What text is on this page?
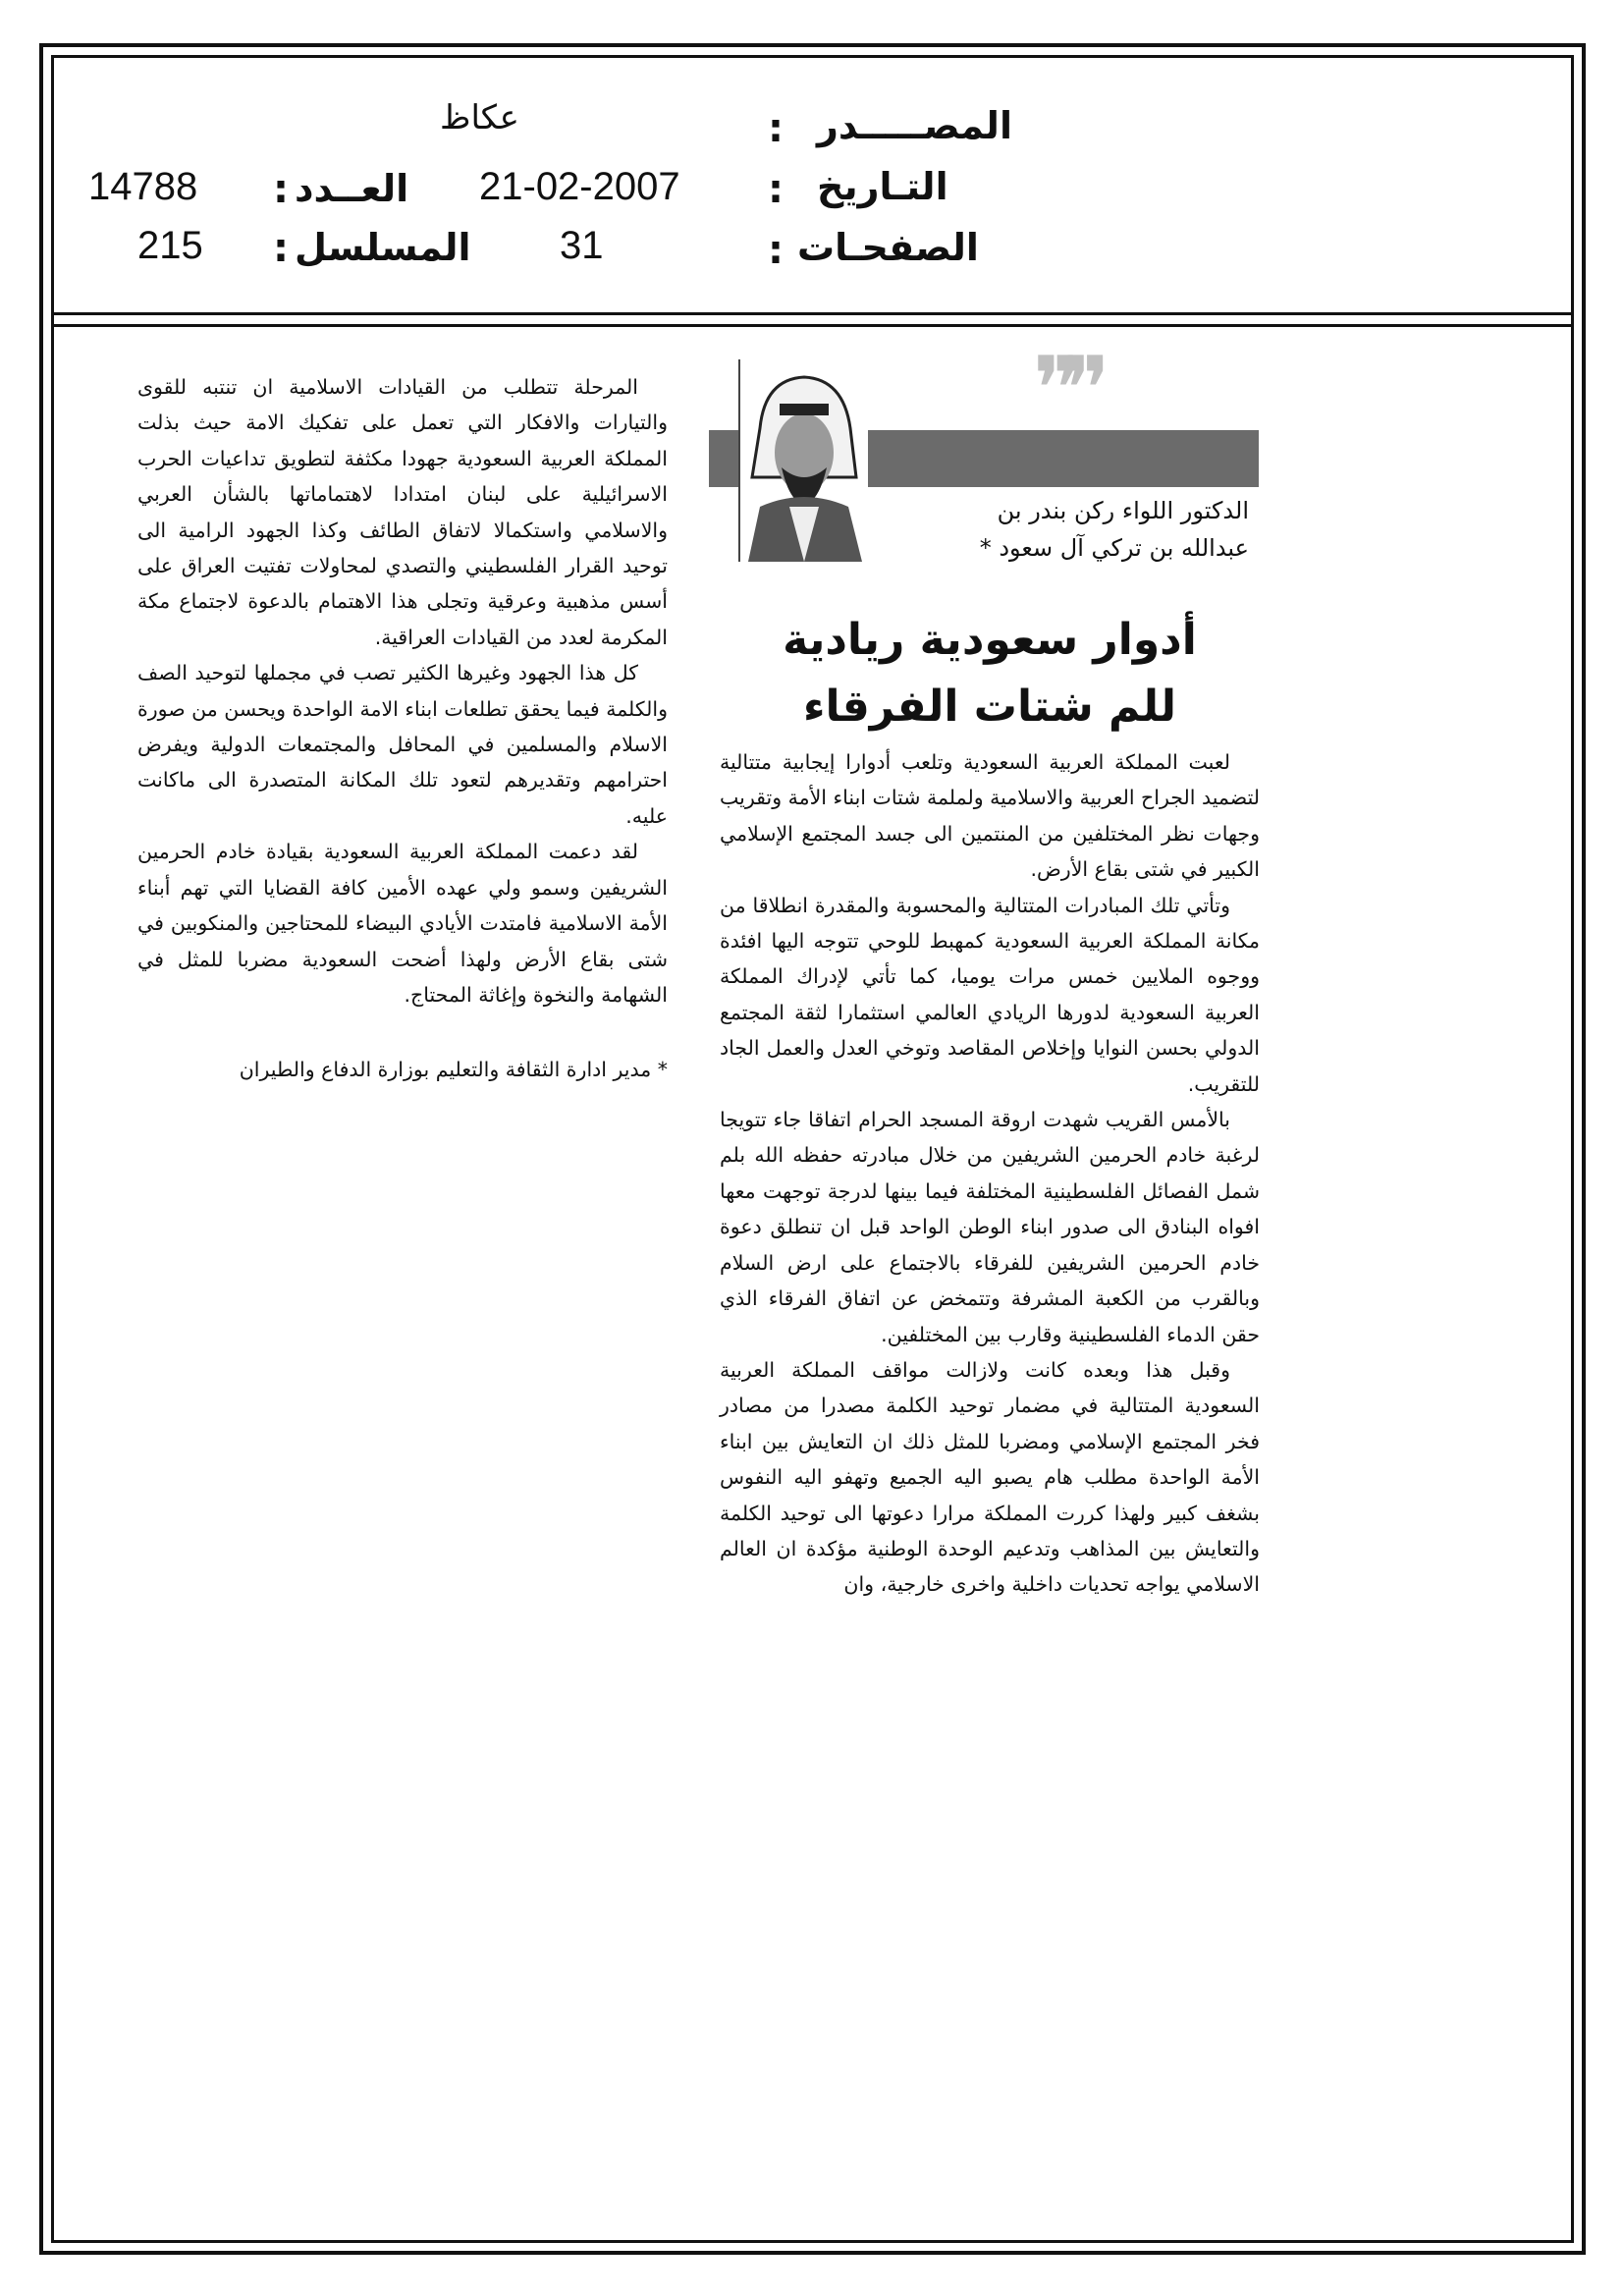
عكاظ	: المصـــــدر
14788 : العــدد 21-02-2007 : التـاريخ
215 : المسلسل 31	: الصفحـات
❞❞
الدكتور اللواء ركن بندر بن
عبدالله بن تركي آل سعود *
أدوار سعودية ريادية
للم شتات الفرقاء

لعبت المملكة العربية السعودية وتلعب أدوارا إيجابية متتالية لتضميد الجراح العربية والاسلامية ولملمة شتات ابناء الأمة وتقريب وجهات نظر المختلفين من المنتمين الى جسد المجتمع الإسلامي الكبير في شتى بقاع الأرض.

وتأتي تلك المبادرات المتتالية والمحسوبة والمقدرة انطلاقا من مكانة المملكة العربية السعودية كمهبط للوحي تتوجه اليها افئدة ووجوه الملايين خمس مرات يوميا، كما تأتي لإدراك المملكة العربية السعودية لدورها الريادي العالمي استثمارا لثقة المجتمع الدولي بحسن النوايا وإخلاص المقاصد وتوخي العدل والعمل الجاد للتقريب.

بالأمس القريب شهدت اروقة المسجد الحرام اتفاقا جاء تتويجا لرغبة خادم الحرمين الشريفين من خلال مبادرته حفظه الله بلم شمل الفصائل الفلسطينية المختلفة فيما بينها لدرجة توجهت معها افواه البنادق الى صدور ابناء الوطن الواحد قبل ان تنطلق دعوة خادم الحرمين الشريفين للفرقاء بالاجتماع على ارض السلام وبالقرب من الكعبة المشرفة وتتمخض عن اتفاق الفرقاء الذي حقن الدماء الفلسطينية وقارب بين المختلفين.

وقبل هذا وبعده كانت ولازالت مواقف المملكة العربية السعودية المتتالية في مضمار توحيد الكلمة مصدرا من مصادر فخر المجتمع الإسلامي ومضربا للمثل ذلك ان التعايش بين ابناء الأمة الواحدة مطلب هام يصبو اليه الجميع وتهفو اليه النفوس بشغف كبير ولهذا كررت المملكة مرارا دعوتها الى توحيد الكلمة والتعايش بين المذاهب وتدعيم الوحدة الوطنية مؤكدة ان العالم الاسلامي يواجه تحديات داخلية واخرى خارجية، وان

المرحلة تتطلب من القيادات الاسلامية ان تنتبه للقوى والتيارات والافكار التي تعمل على تفكيك الامة حيث بذلت المملكة العربية السعودية جهودا مكثفة لتطويق تداعيات الحرب الاسرائيلية على لبنان امتدادا لاهتماماتها بالشأن العربي والاسلامي واستكمالا لاتفاق الطائف وكذا الجهود الرامية الى توحيد القرار الفلسطيني والتصدي لمحاولات تفتيت العراق على أسس مذهبية وعرقية وتجلى هذا الاهتمام بالدعوة لاجتماع مكة المكرمة لعدد من القيادات العراقية.

كل هذا الجهود وغيرها الكثير تصب في مجملها لتوحيد الصف والكلمة فيما يحقق تطلعات ابناء الامة الواحدة ويحسن من صورة الاسلام والمسلمين في المحافل والمجتمعات الدولية ويفرض احترامهم وتقديرهم لتعود تلك المكانة المتصدرة الى ماكانت عليه.

لقد دعمت المملكة العربية السعودية بقيادة خادم الحرمين الشريفين وسمو ولي عهده الأمين كافة القضايا التي تهم أبناء الأمة الاسلامية فامتدت الأيادي البيضاء للمحتاجين والمنكوبين في شتى بقاع الأرض ولهذا أضحت السعودية مضربا للمثل في الشهامة والنخوة وإغاثة المحتاج.

* مدير ادارة الثقافة والتعليم بوزارة الدفاع والطيران
